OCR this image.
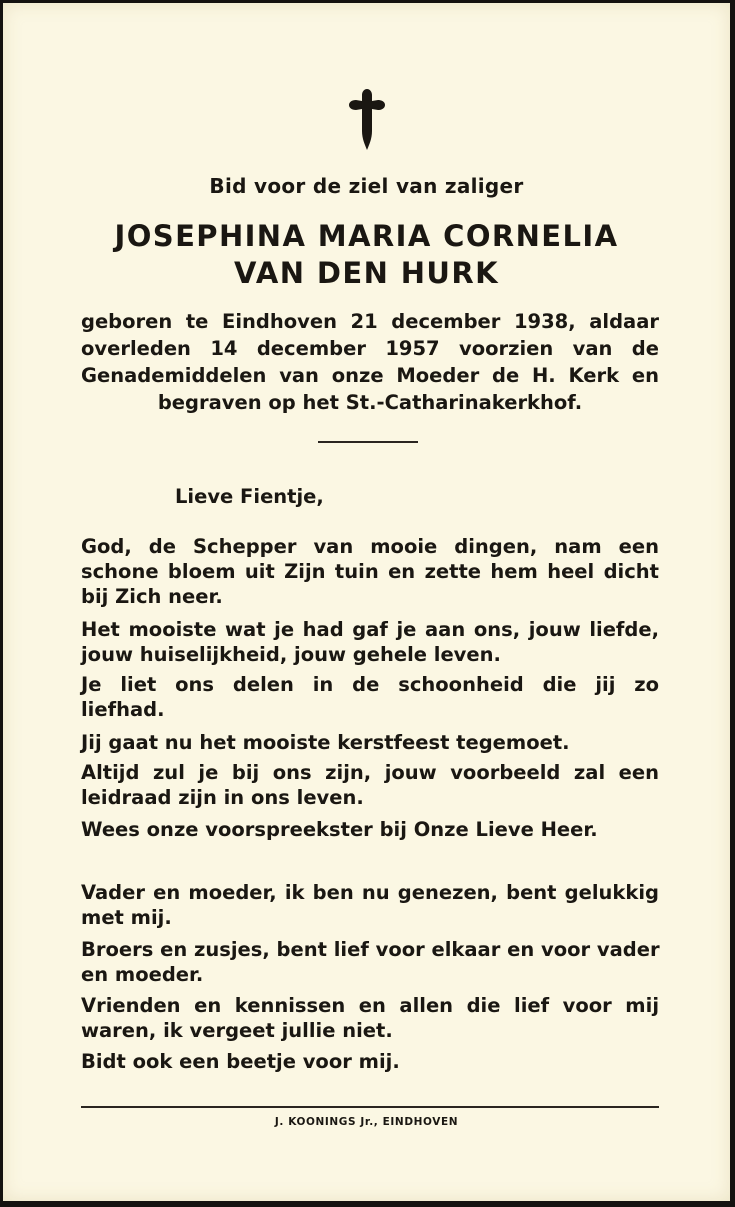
Bid voor de ziel van zaliger
JOSEPHINA MARIA CORNELIA
VAN DEN HURK
geboren te Eindhoven 21 december 1938, aldaar
overleden 14 december 1957 voorzien van de
Genademiddelen van onze Moeder de H. Kerk en
begraven op het St.-Catharinakerkhof.
Lieve Fientje,
God, de Schepper van mooie dingen, nam een
schone bloem uit Zijn tuin en zette hem heel dicht
bij Zich neer.
Het mooiste wat je had gaf je aan ons, jouw liefde,
jouw huiselijkheid, jouw gehele leven.
Je liet ons delen in de schoonheid die jij zo
liefhad.
Jij gaat nu het mooiste kerstfeest tegemoet.
Altijd zul je bij ons zijn, jouw voorbeeld zal een
leidraad zijn in ons leven.
Wees onze voorspreekster bij Onze Lieve Heer.
Vader en moeder, ik ben nu genezen, bent gelukkig
met mij.
Broers en zusjes, bent lief voor elkaar en voor vader
en moeder.
Vrienden en kennissen en allen die lief voor mij
waren, ik vergeet jullie niet.
Bidt ook een beetje voor mij.
J. KOONINGS Jr., EINDHOVEN
